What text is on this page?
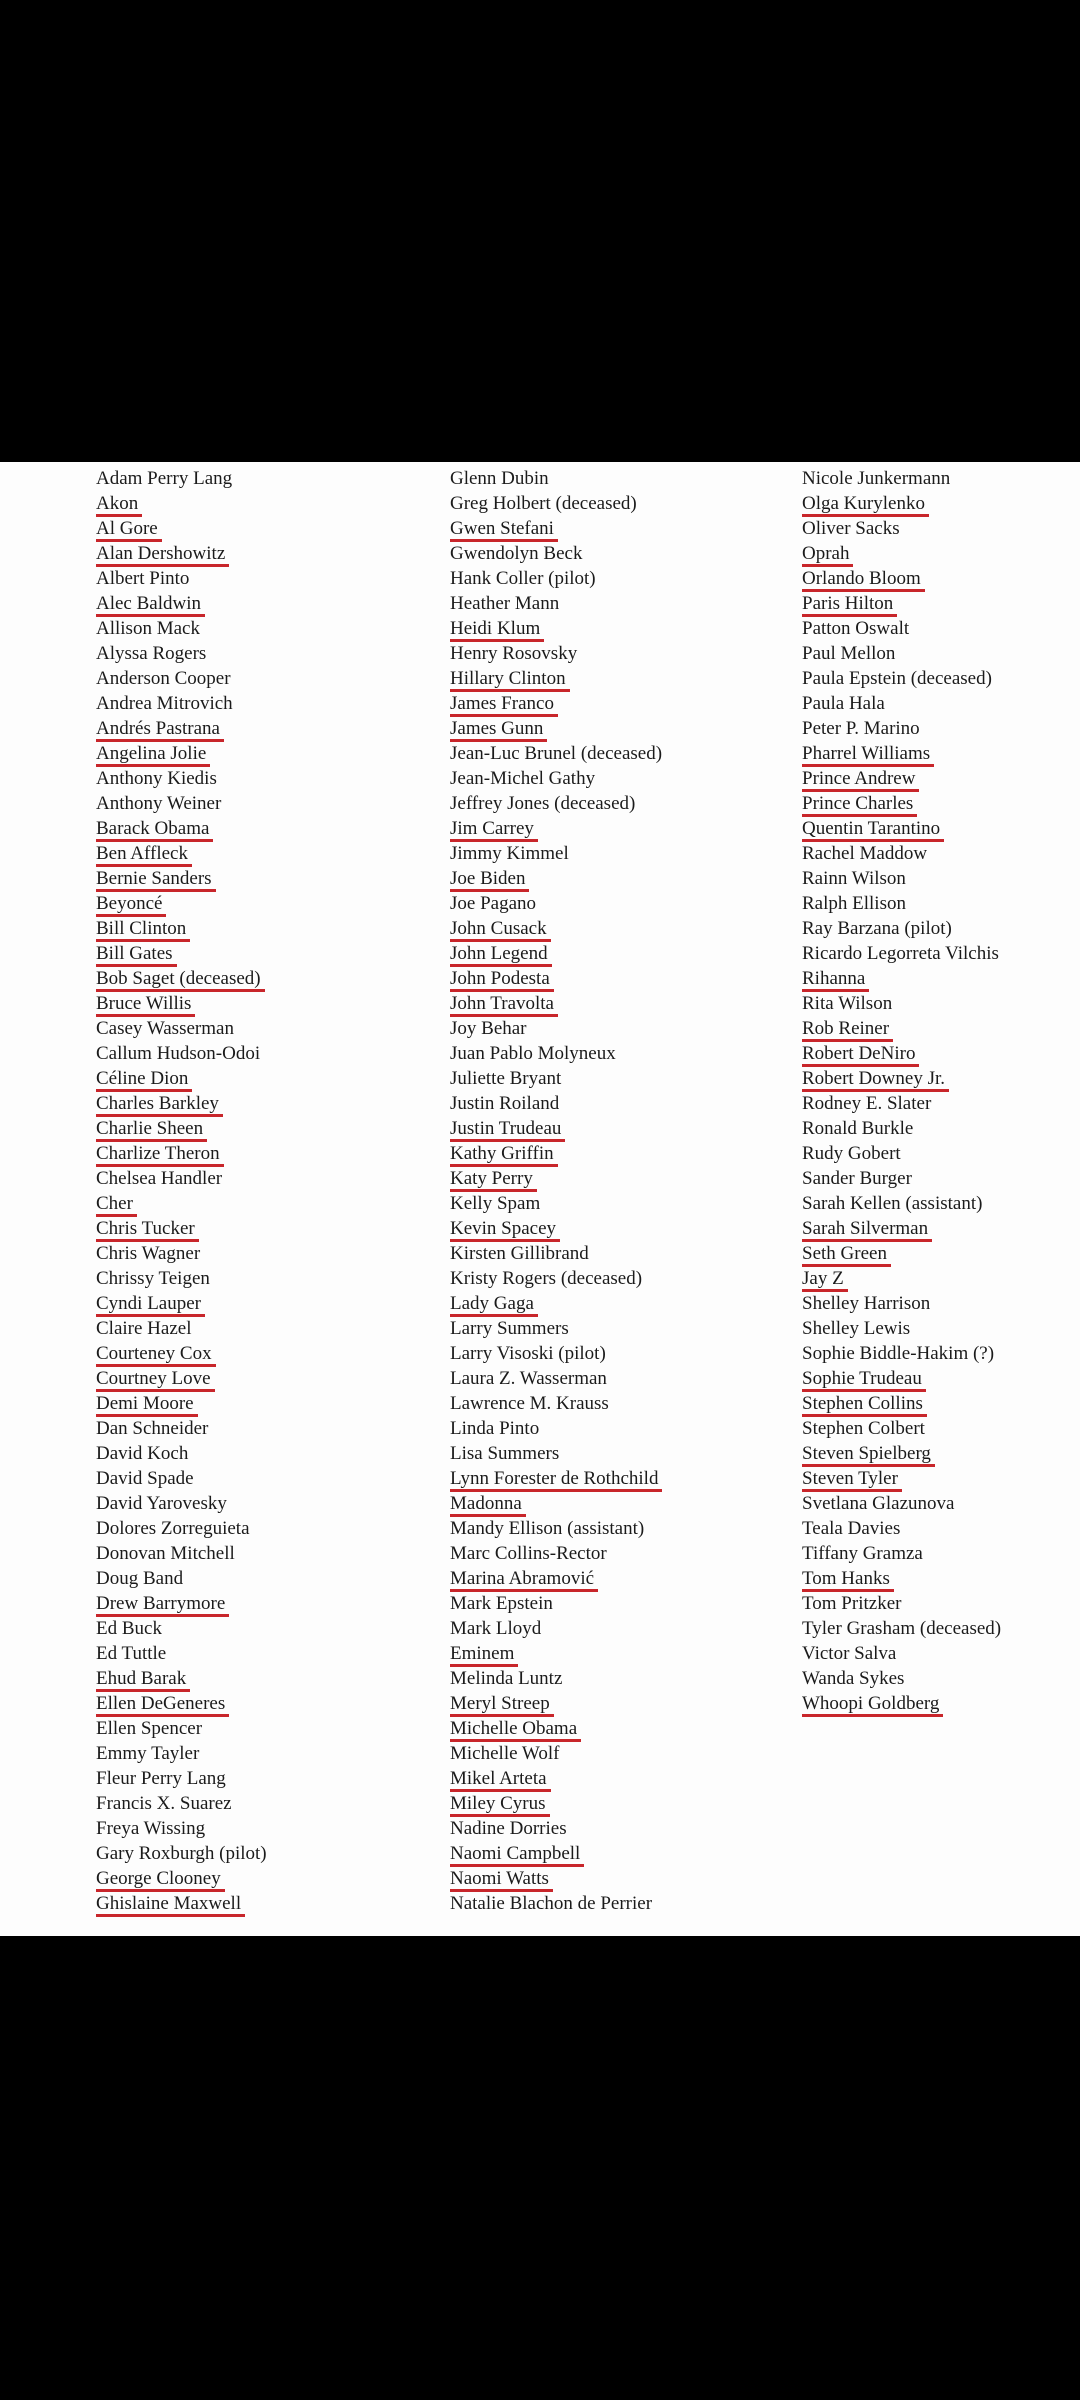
Adam Perry Lang
Akon
Al Gore
Alan Dershowitz
Albert Pinto
Alec Baldwin
Allison Mack
Alyssa Rogers
Anderson Cooper
Andrea Mitrovich
Andrés Pastrana
Angelina Jolie
Anthony Kiedis
Anthony Weiner
Barack Obama
Ben Affleck
Bernie Sanders
Beyoncé
Bill Clinton
Bill Gates
Bob Saget (deceased)
Bruce Willis
Casey Wasserman
Callum Hudson-Odoi
Céline Dion
Charles Barkley
Charlie Sheen
Charlize Theron
Chelsea Handler
Cher
Chris Tucker
Chris Wagner
Chrissy Teigen
Cyndi Lauper
Claire Hazel
Courteney Cox
Courtney Love
Demi Moore
Dan Schneider
David Koch
David Spade
David Yarovesky
Dolores Zorreguieta
Donovan Mitchell
Doug Band
Drew Barrymore
Ed Buck
Ed Tuttle
Ehud Barak
Ellen DeGeneres
Ellen Spencer
Emmy Tayler
Fleur Perry Lang
Francis X. Suarez
Freya Wissing
Gary Roxburgh (pilot)
George Clooney
Ghislaine Maxwell
Glenn Dubin
Greg Holbert (deceased)
Gwen Stefani
Gwendolyn Beck
Hank Coller (pilot)
Heather Mann
Heidi Klum
Henry Rosovsky
Hillary Clinton
James Franco
James Gunn
Jean-Luc Brunel (deceased)
Jean-Michel Gathy
Jeffrey Jones (deceased)
Jim Carrey
Jimmy Kimmel
Joe Biden
Joe Pagano
John Cusack
John Legend
John Podesta
John Travolta
Joy Behar
Juan Pablo Molyneux
Juliette Bryant
Justin Roiland
Justin Trudeau
Kathy Griffin
Katy Perry
Kelly Spam
Kevin Spacey
Kirsten Gillibrand
Kristy Rogers (deceased)
Lady Gaga
Larry Summers
Larry Visoski (pilot)
Laura Z. Wasserman
Lawrence M. Krauss
Linda Pinto
Lisa Summers
Lynn Forester de Rothchild
Madonna
Mandy Ellison (assistant)
Marc Collins-Rector
Marina Abramović
Mark Epstein
Mark Lloyd
Eminem
Melinda Luntz
Meryl Streep
Michelle Obama
Michelle Wolf
Mikel Arteta
Miley Cyrus
Nadine Dorries
Naomi Campbell
Naomi Watts
Natalie Blachon de Perrier
Nicole Junkermann
Olga Kurylenko
Oliver Sacks
Oprah
Orlando Bloom
Paris Hilton
Patton Oswalt
Paul Mellon
Paula Epstein (deceased)
Paula Hala
Peter P. Marino
Pharrel Williams
Prince Andrew
Prince Charles
Quentin Tarantino
Rachel Maddow
Rainn Wilson
Ralph Ellison
Ray Barzana (pilot)
Ricardo Legorreta Vilchis
Rihanna
Rita Wilson
Rob Reiner
Robert DeNiro
Robert Downey Jr.
Rodney E. Slater
Ronald Burkle
Rudy Gobert
Sander Burger
Sarah Kellen (assistant)
Sarah Silverman
Seth Green
Jay Z
Shelley Harrison
Shelley Lewis
Sophie Biddle-Hakim (?)
Sophie Trudeau
Stephen Collins
Stephen Colbert
Steven Spielberg
Steven Tyler
Svetlana Glazunova
Teala Davies
Tiffany Gramza
Tom Hanks
Tom Pritzker
Tyler Grasham (deceased)
Victor Salva
Wanda Sykes
Whoopi Goldberg
